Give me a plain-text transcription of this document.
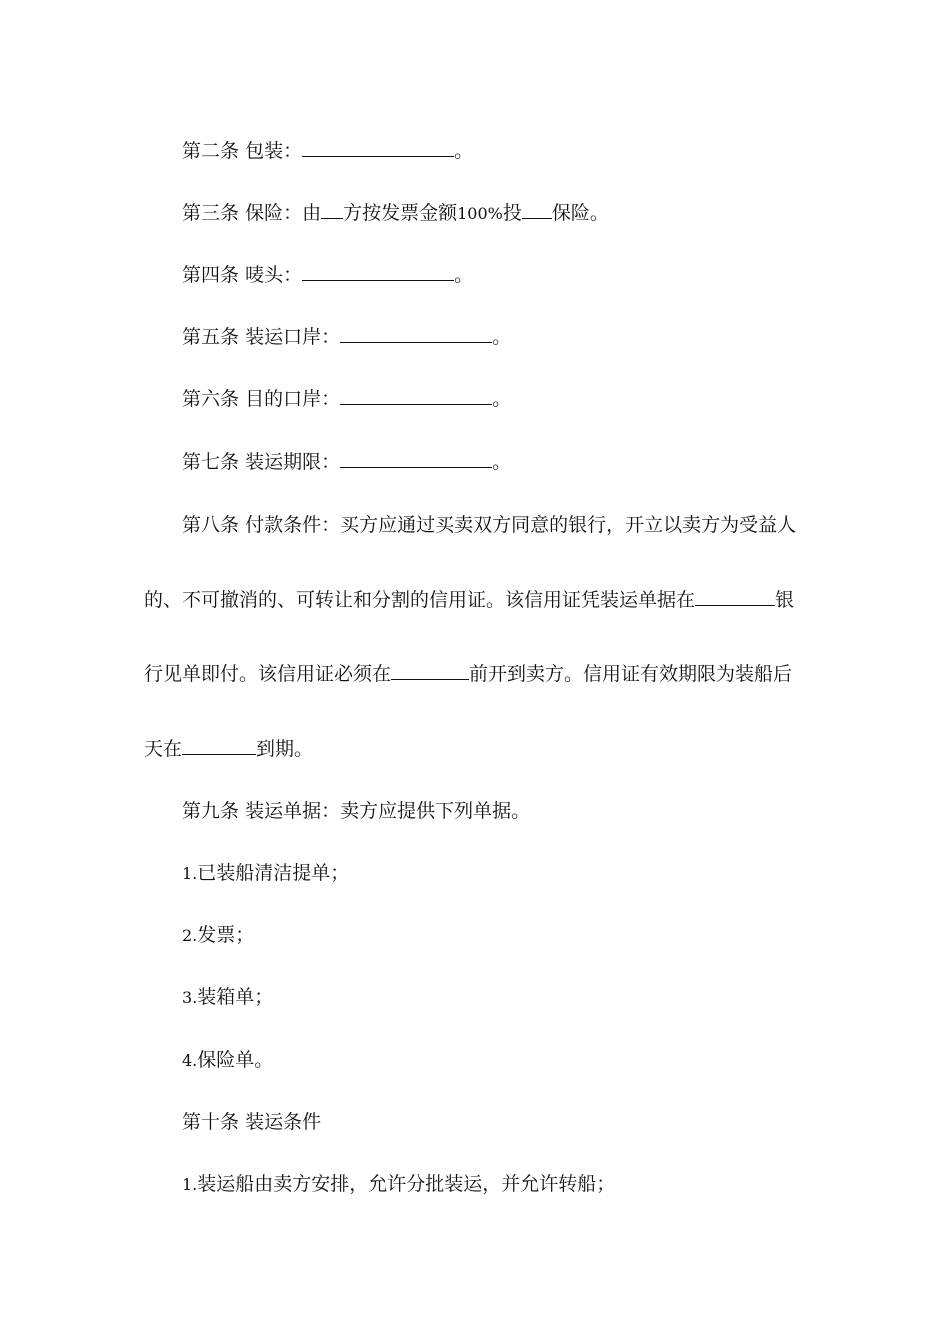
第二条 包装：	。
第三条 保险：由 方按发票金额100%投 保险。
第四条 唛头：	。
第五条 装运口岸：	。
第六条 目的口岸：	。
第七条 装运期限：	。
第八条 付款条件：买方应通过买卖双方同意的银行，开立以卖方为受益人
的、不可撤消的、可转让和分割的信用证。该信用证凭装运单据在	银
行见单即付。该信用证必须在	前开到卖方。信用证有效期限为装船后
天在	到期。
第九条 装运单据：卖方应提供下列单据。
1.已装船清洁提单；
2.发票；
3.装箱单；
4.保险单。
第十条 装运条件
1.装运船由卖方安排，允许分批装运，并允许转船；
